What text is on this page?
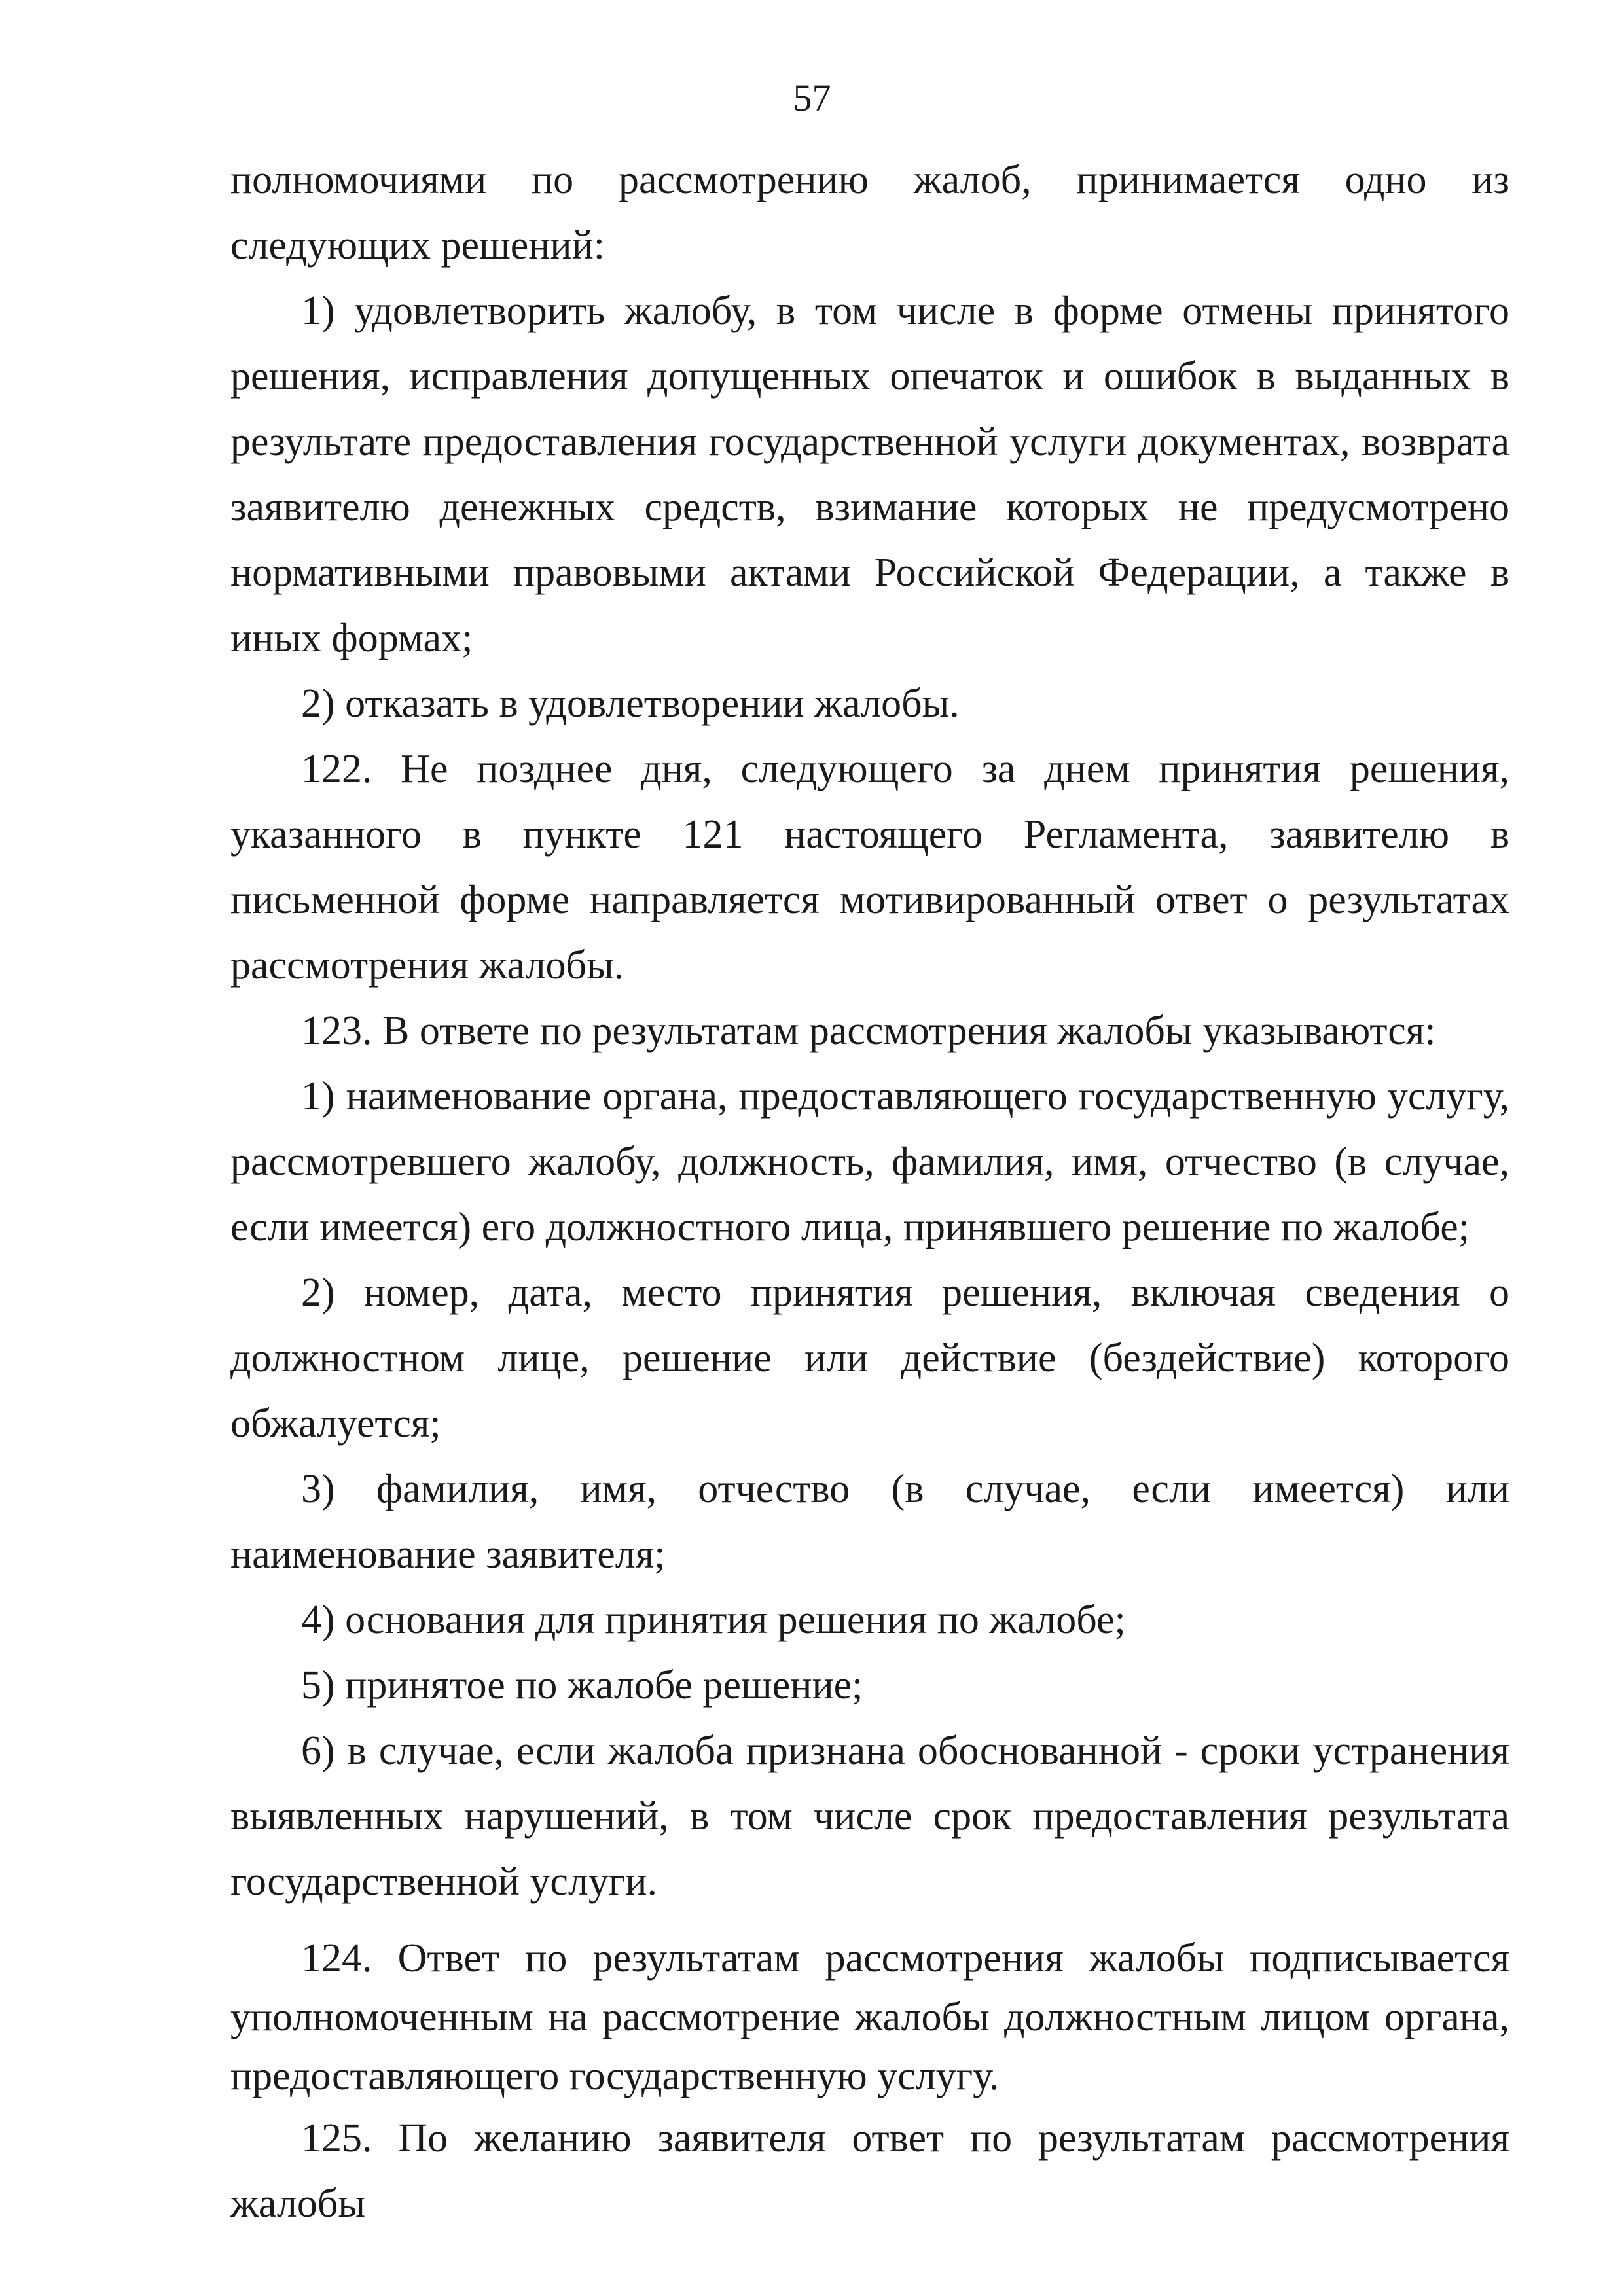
57

полномочиями по рассмотрению жалоб, принимается одно из следующих решений:

1) удовлетворить жалобу, в том числе в форме отмены принятого решения, исправления допущенных опечаток и ошибок в выданных в результате предоставления государственной услуги документах, возврата заявителю денежных средств, взимание которых не предусмотрено нормативными правовыми актами Российской Федерации, а также в иных формах;

2) отказать в удовлетворении жалобы.

122. Не позднее дня, следующего за днем принятия решения, указанного в пункте 121 настоящего Регламента, заявителю в письменной форме направляется мотивированный ответ о результатах рассмотрения жалобы.

123. В ответе по результатам рассмотрения жалобы указываются:

1) наименование органа, предоставляющего государственную услугу, рассмотревшего жалобу, должность, фамилия, имя, отчество (в случае, если имеется) его должностного лица, принявшего решение по жалобе;

2) номер, дата, место принятия решения, включая сведения о должностном лице, решение или действие (бездействие) которого обжалуется;

3) фамилия, имя, отчество (в случае, если имеется) или наименование заявителя;

4) основания для принятия решения по жалобе;

5) принятое по жалобе решение;

6) в случае, если жалоба признана обоснованной - сроки устранения выявленных нарушений, в том числе срок предоставления результата государственной услуги.

124. Ответ по результатам рассмотрения жалобы подписывается уполномоченным на рассмотрение жалобы должностным лицом органа, предоставляющего государственную услугу.

125. По желанию заявителя ответ по результатам рассмотрения жалобы
